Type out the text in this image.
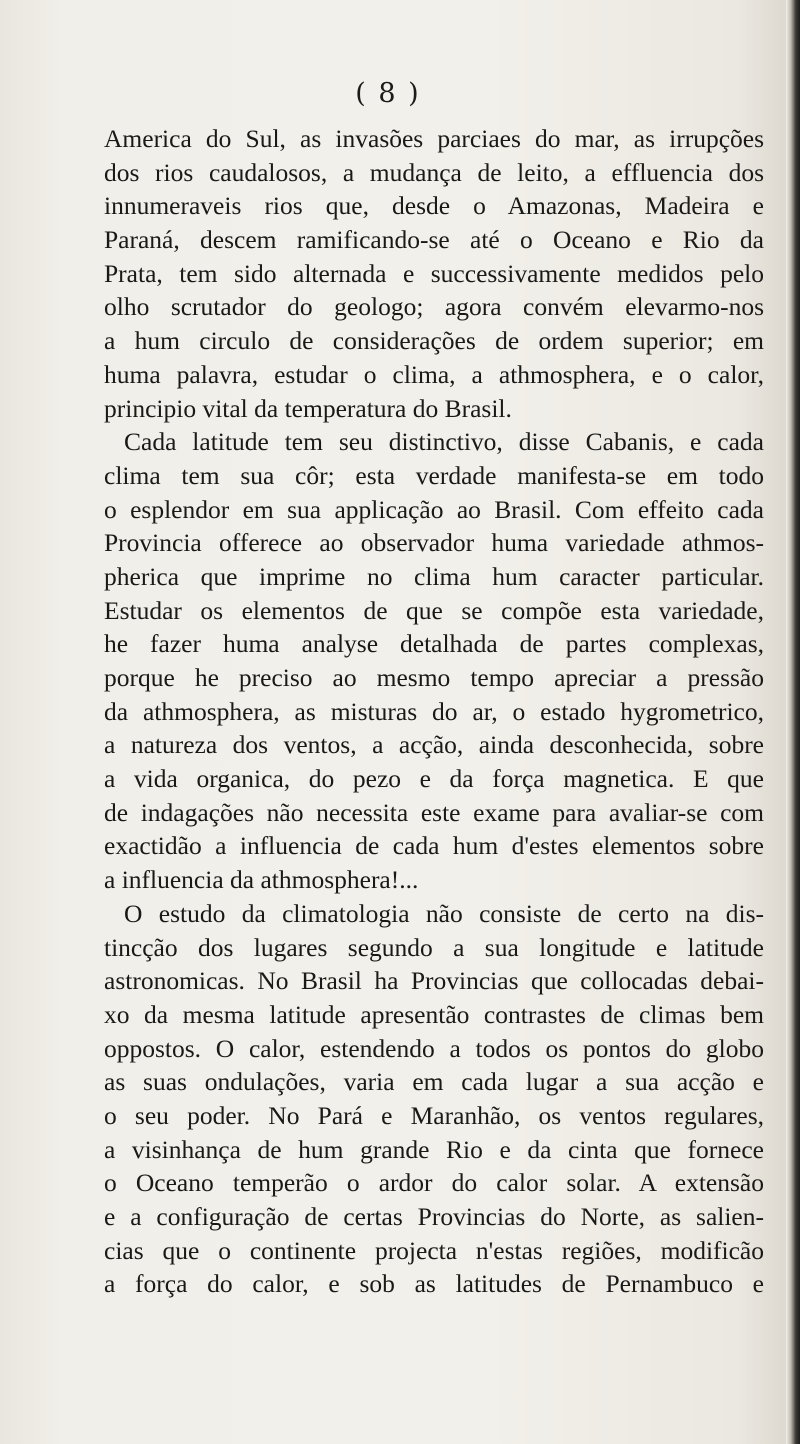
( 8 )

America do Sul, as invasões parciaes do mar, as irrupções
dos rios caudalosos, a mudança de leito, a effluencia dos
innumeraveis rios que, desde o Amazonas, Madeira e
Paraná, descem ramificando-se até o Oceano e Rio da
Prata, tem sido alternada e successivamente medidos pelo
olho scrutador do geologo; agora convém elevarmo-nos
a hum circulo de considerações de ordem superior; em
huma palavra, estudar o clima, a athmosphera, e o calor,
principio vital da temperatura do Brasil.
Cada latitude tem seu distinctivo, disse Cabanis, e cada
clima tem sua côr; esta verdade manifesta-se em todo
o esplendor em sua applicação ao Brasil. Com effeito cada
Provincia offerece ao observador huma variedade athmos-
pherica que imprime no clima hum caracter particular.
Estudar os elementos de que se compõe esta variedade,
he fazer huma analyse detalhada de partes complexas,
porque he preciso ao mesmo tempo apreciar a pressão
da athmosphera, as misturas do ar, o estado hygrometrico,
a natureza dos ventos, a acção, ainda desconhecida, sobre
a vida organica, do pezo e da força magnetica. E que
de indagações não necessita este exame para avaliar-se com
exactidão a influencia de cada hum d'estes elementos sobre
a influencia da athmosphera!...
O estudo da climatologia não consiste de certo na dis-
tincção dos lugares segundo a sua longitude e latitude
astronomicas. No Brasil ha Provincias que collocadas debai-
xo da mesma latitude apresentão contrastes de climas bem
oppostos. O calor, estendendo a todos os pontos do globo
as suas ondulações, varia em cada lugar a sua acção e
o seu poder. No Pará e Maranhão, os ventos regulares,
a visinhança de hum grande Rio e da cinta que fornece
o Oceano temperão o ardor do calor solar. A extensão
e a configuração de certas Provincias do Norte, as salien-
cias que o continente projecta n'estas regiões, modificão
a força do calor, e sob as latitudes de Pernambuco e
